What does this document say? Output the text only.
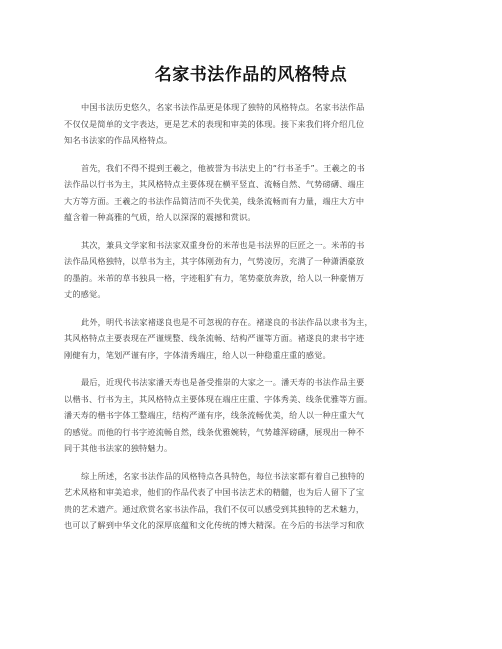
名家书法作品的风格特点

中国书法历史悠久，名家书法作品更是体现了独特的风格特点。名家书法作品
不仅仅是简单的文字表达，更是艺术的表现和审美的体现。接下来我们将介绍几位
知名书法家的作品风格特点。

首先，我们不得不提到王羲之，他被誉为书法史上的“行书圣手”。王羲之的书
法作品以行书为主，其风格特点主要体现在横平竖直、流畅自然、气势磅礴、端庄
大方等方面。王羲之的书法作品简洁而不失优美，线条流畅而有力量，端庄大方中
蕴含着一种高雅的气质，给人以深深的震撼和赏识。

其次，兼具文学家和书法家双重身份的米芾也是书法界的巨匠之一。米芾的书
法作品风格独特，以草书为主，其字体刚劲有力，气势凌厉，充满了一种潇洒豪放
的墨韵。米芾的草书独具一格，字迹粗犷有力，笔势豪放奔放，给人以一种豪情万
丈的感觉。

此外，明代书法家褚遂良也是不可忽视的存在。褚遂良的书法作品以隶书为主，
其风格特点主要表现在严谨规整、线条流畅、结构严谨等方面。褚遂良的隶书字迹
刚健有力，笔划严谨有序，字体清秀端庄，给人以一种稳重庄重的感觉。

最后，近现代书法家潘天寿也是备受推崇的大家之一。潘天寿的书法作品主要
以楷书、行书为主，其风格特点主要体现在端庄庄重、字体秀美、线条优雅等方面。
潘天寿的楷书字体工整端庄，结构严谨有序，线条流畅优美，给人以一种庄重大气
的感觉。而他的行书字迹流畅自然，线条优雅婉转，气势雄浑磅礴，展现出一种不
同于其他书法家的独特魅力。

综上所述，名家书法作品的风格特点各具特色，每位书法家都有着自己独特的
艺术风格和审美追求，他们的作品代表了中国书法艺术的精髓，也为后人留下了宝
贵的艺术遗产。通过欣赏名家书法作品，我们不仅可以感受到其独特的艺术魅力，
也可以了解到中华文化的深厚底蕴和文化传统的博大精深。在今后的书法学习和欣
